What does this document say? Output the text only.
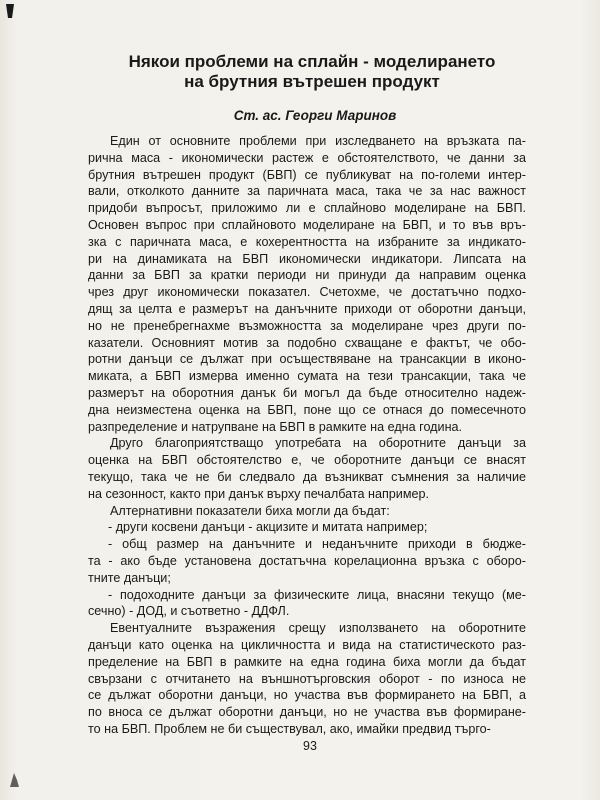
Някои проблеми на сплайн - моделирането
на брутния вътрешен продукт
Ст. ас. Георги Маринов
Един от основните проблеми при изследването на връзката па-
рична маса - икономически растеж е обстоятелството, че данни за
брутния вътрешен продукт (БВП) се публикуват на по-големи интер-
вали, отколкото данните за паричната маса, така че за нас важност
придоби въпросът, приложимо ли е сплайново моделиране на БВП.
Основен въпрос при сплайновото моделиране на БВП, и то във връ-
зка с паричната маса, е кохерентността на избраните за индикато-
ри на динамиката на БВП икономически индикатори. Липсата на
данни за БВП за кратки периоди ни принуди да направим оценка
чрез друг икономически показател. Счетохме, че достатъчно подхо-
дящ за целта е размерът на данъчните приходи от оборотни данъци,
но не пренебрегнахме възможността за моделиране чрез други по-
казатели. Основният мотив за подобно схващане е фактът, че обо-
ротни данъци се дължат при осъществяване на трансакции в иконо-
миката, а БВП измерва именно сумата на тези трансакции, така че
размерът на оборотния данък би могъл да бъде относително надеж-
дна неизместена оценка на БВП, поне що се отнася до помесечното
разпределение и натрупване на БВП в рамките на една година.
Друго благоприятстващо употребата на оборотните данъци за
оценка на БВП обстоятелство е, че оборотните данъци се внасят
текущо, така че не би следвало да възникват съмнения за наличие
на сезонност, както при данък върху печалбата например.
Алтернативни показатели биха могли да бъдат:
- други косвени данъци - акцизите и митата например;
- общ размер на данъчните и неданъчните приходи в бюдже-
та - ако бъде установена достатъчна корелационна връзка с оборо-
тните данъци;
- подоходните данъци за физическите лица, внасяни текущо (ме-
сечно) - ДОД, и съответно - ДДФЛ.
Евентуалните възражения срещу използването на оборотните
данъци като оценка на цикличността и вида на статистическото раз-
пределение на БВП в рамките на една година биха могли да бъдат
свързани с отчитането на външнотърговския оборот - по износа не
се дължат оборотни данъци, но участва във формирането на БВП, а
по вноса се дължат оборотни данъци, но не участва във формиране-
то на БВП. Проблем не би съществувал, ако, имайки предвид търго-
93
